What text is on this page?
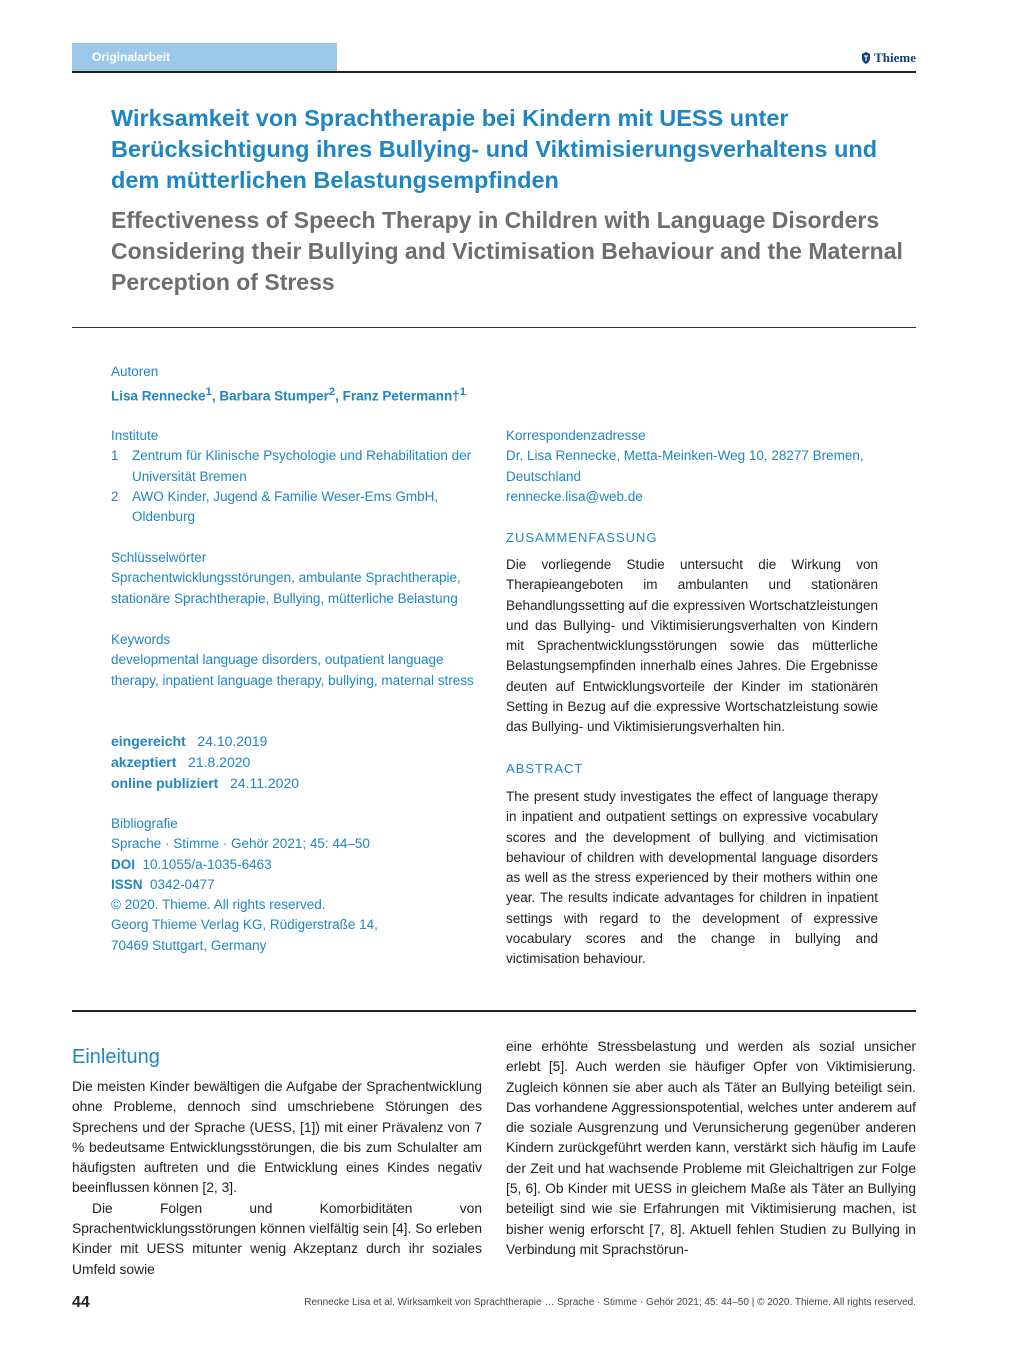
Originalarbeit	Thieme
Wirksamkeit von Sprachtherapie bei Kindern mit UESS unter Berücksichtigung ihres Bullying- und Viktimisierungsverhaltens und dem mütterlichen Belastungsempfinden
Effectiveness of Speech Therapy in Children with Language Disorders Considering their Bullying and Victimisation Behaviour and the Maternal Perception of Stress
Autoren
Lisa Rennecke$^1$, Barbara Stumper$^2$, Franz Petermann†$^1$
Institute
1 Zentrum für Klinische Psychologie und Rehabilitation der Universität Bremen
2 AWO Kinder, Jugend & Familie Weser-Ems GmbH, Oldenburg
Schlüsselwörter
Sprachentwicklungsstörungen, ambulante Sprachtherapie, stationäre Sprachtherapie, Bullying, mütterliche Belastung
Keywords
developmental language disorders, outpatient language therapy, inpatient language therapy, bullying, maternal stress
eingereicht 24.10.2019
akzeptiert 21.8.2020
online publiziert 24.11.2020
Bibliografie
Sprache · Stimme · Gehör 2021; 45: 44–50
DOI 10.1055/a-1035-6463
ISSN 0342-0477
© 2020. Thieme. All rights reserved.
Georg Thieme Verlag KG, Rüdigerstraße 14,
70469 Stuttgart, Germany
Korrespondenzadresse
Dr. Lisa Rennecke, Metta-Meinken-Weg 10, 28277 Bremen, Deutschland
rennecke.lisa@web.de
ZUSAMMENFASSUNG
Die vorliegende Studie untersucht die Wirkung von Therapieangeboten im ambulanten und stationären Behandlungssetting auf die expressiven Wortschatzleistungen und das Bullying- und Viktimisierungsverhalten von Kindern mit Sprachentwicklungsstörungen sowie das mütterliche Belastungsempfinden innerhalb eines Jahres. Die Ergebnisse deuten auf Entwicklungsvorteile der Kinder im stationären Setting in Bezug auf die expressive Wortschatzleistung sowie das Bullying- und Viktimisierungsverhalten hin.
ABSTRACT
The present study investigates the effect of language therapy in inpatient and outpatient settings on expressive vocabulary scores and the development of bullying and victimisation behaviour of children with developmental language disorders as well as the stress experienced by their mothers within one year. The results indicate advantages for children in inpatient settings with regard to the development of expressive vocabulary scores and the change in bullying and victimisation behaviour.
Einleitung

Die meisten Kinder bewältigen die Aufgabe der Sprachentwicklung ohne Probleme, dennoch sind umschriebene Störungen des Sprechens und der Sprache (UESS, [1]) mit einer Prävalenz von 7 % bedeutsame Entwicklungsstörungen, die bis zum Schulalter am häufigsten auftreten und die Entwicklung eines Kindes negativ beeinflussen können [2, 3].

Die Folgen und Komorbiditäten von Sprachentwicklungsstörungen können vielfältig sein [4]. So erleben Kinder mit UESS mitunter wenig Akzeptanz durch ihr soziales Umfeld sowie

eine erhöhte Stressbelastung und werden als sozial unsicher erlebt [5]. Auch werden sie häufiger Opfer von Viktimisierung. Zugleich können sie aber auch als Täter an Bullying beteiligt sein. Das vorhandene Aggressionspotential, welches unter anderem auf die soziale Ausgrenzung und Verunsicherung gegenüber anderen Kindern zurückgeführt werden kann, verstärkt sich häufig im Laufe der Zeit und hat wachsende Probleme mit Gleichaltrigen zur Folge [5, 6]. Ob Kinder mit UESS in gleichem Maße als Täter an Bullying beteiligt sind wie sie Erfahrungen mit Viktimisierung machen, ist bisher wenig erforscht [7, 8]. Aktuell fehlen Studien zu Bullying in Verbindung mit Sprachstörun-

44	Rennecke Lisa et al. Wirksamkeit von Sprachtherapie … Sprache · Stimme · Gehör 2021; 45: 44–50 | © 2020. Thieme. All rights reserved.
